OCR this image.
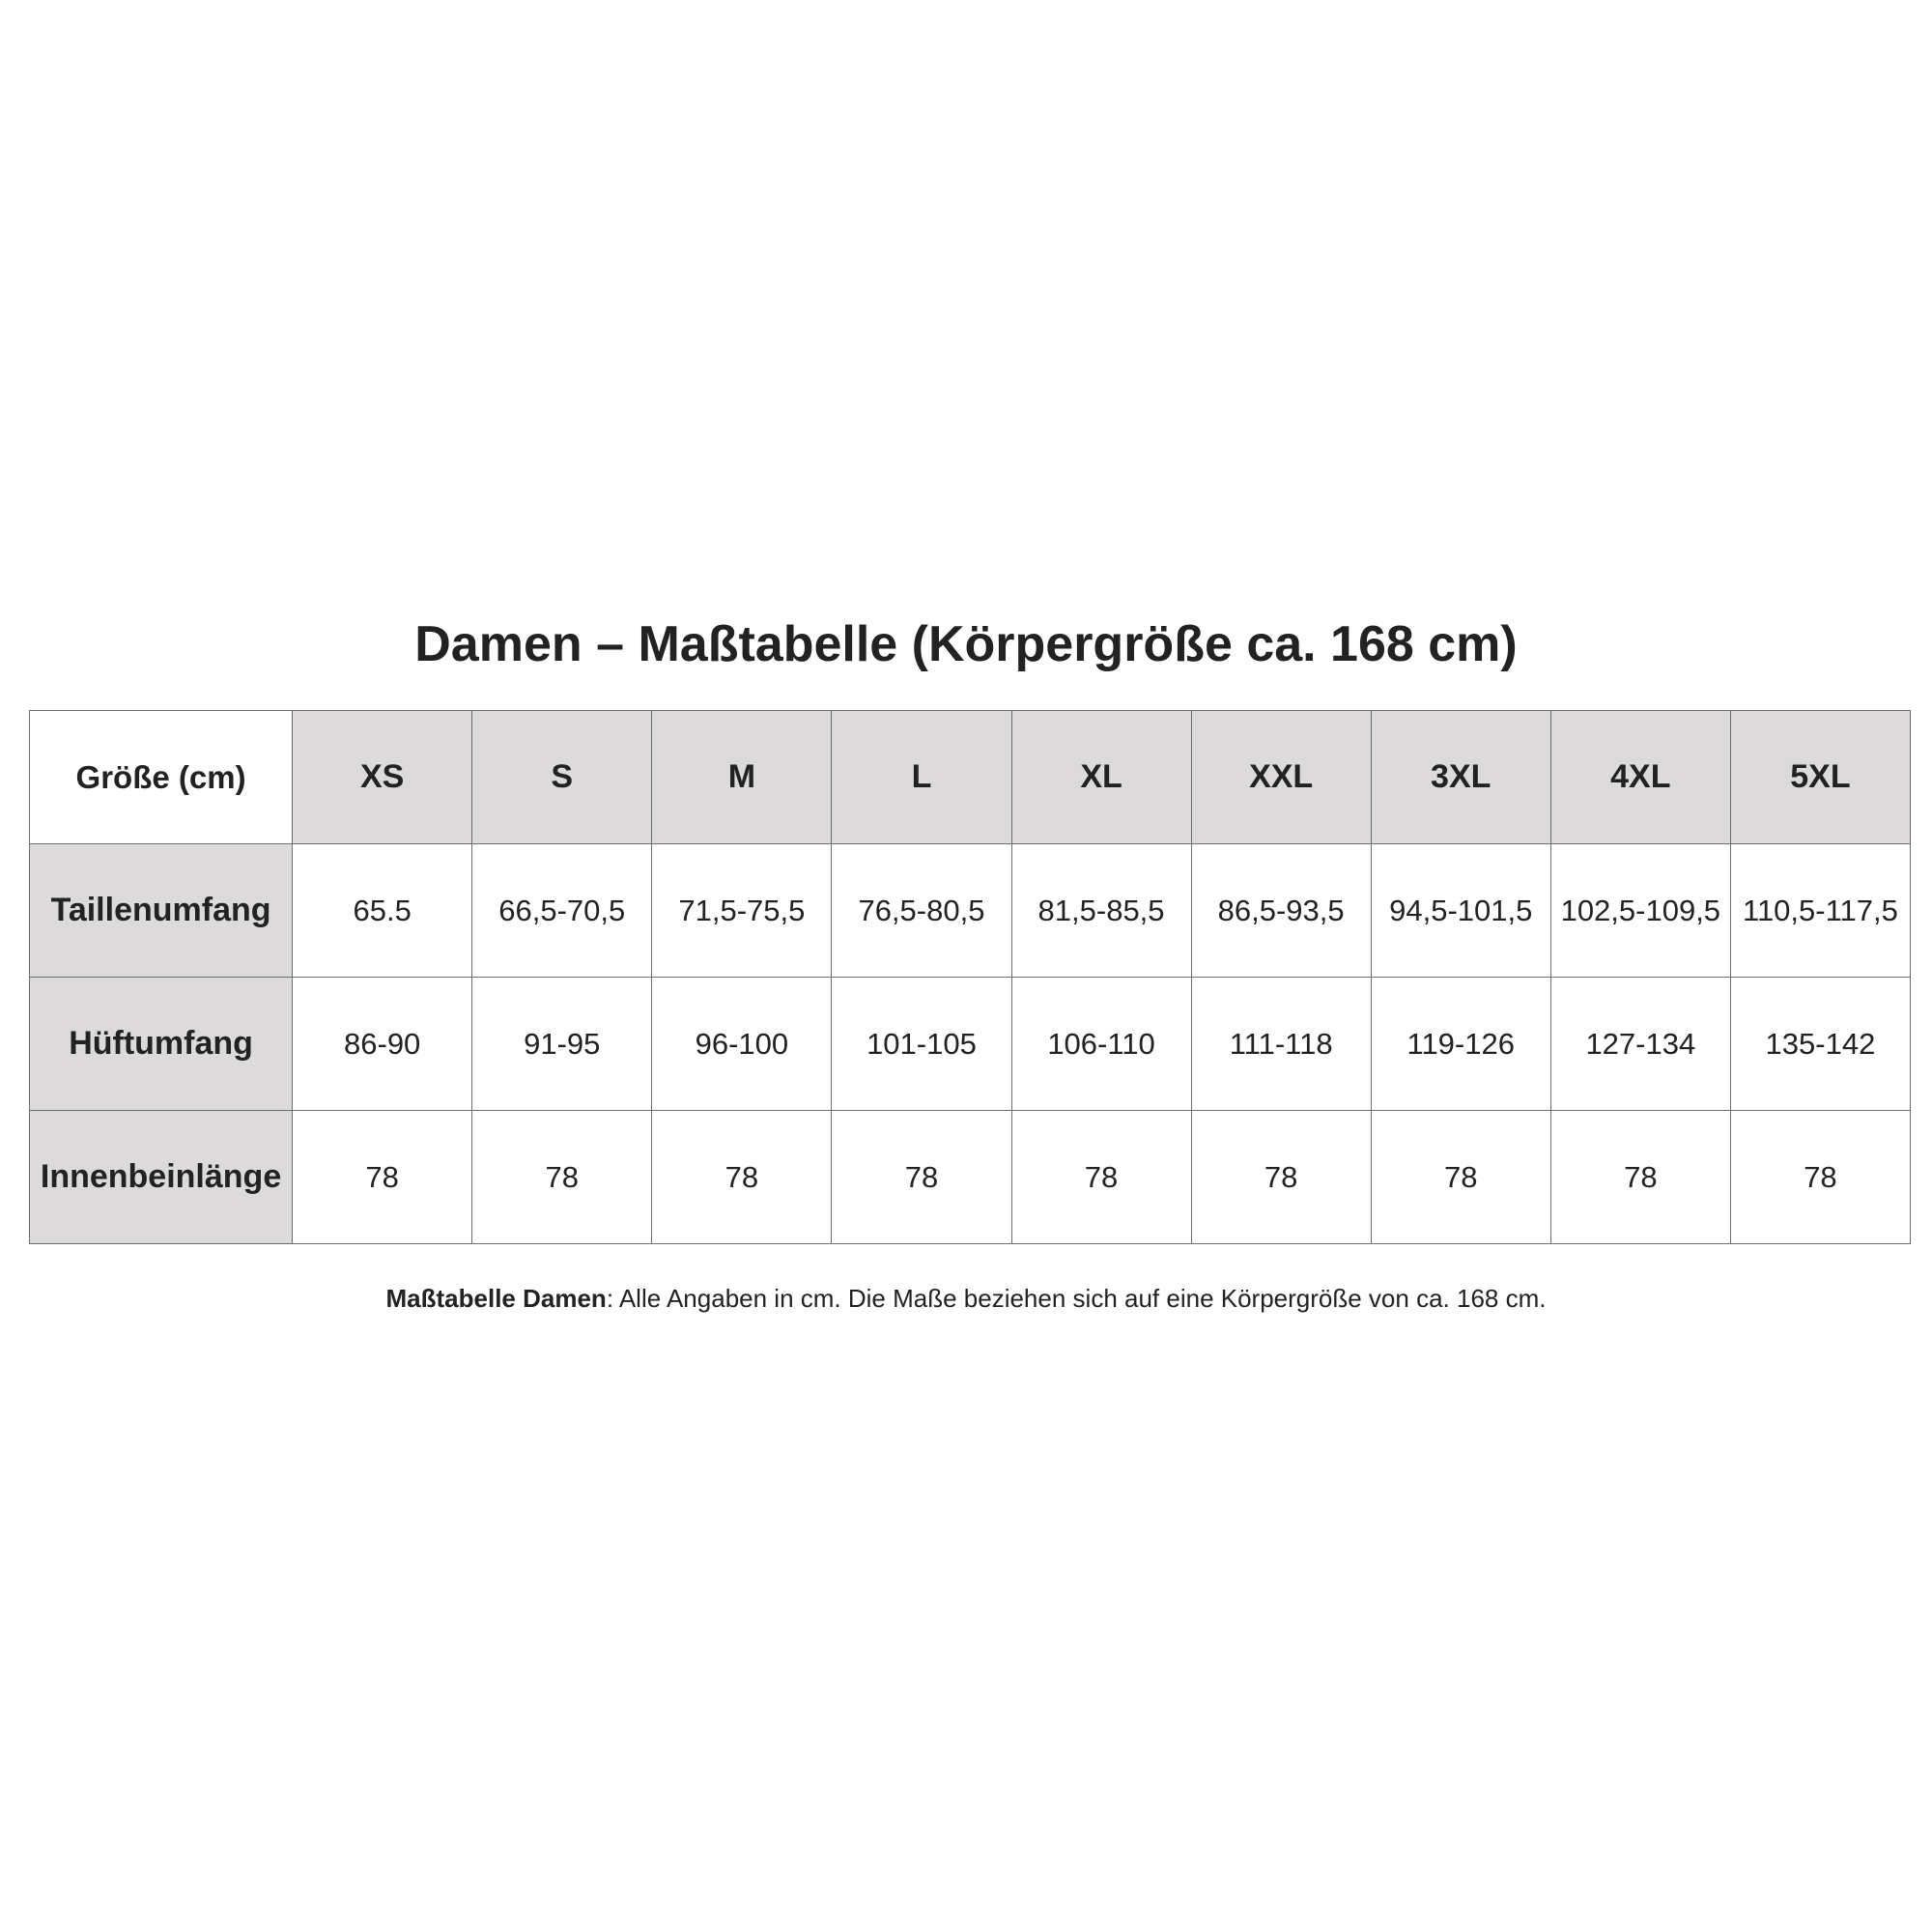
Damen – Maßtabelle (Körpergröße ca. 168 cm)
Größe (cm)	XS	S	M	L	XL	XXL	3XL	4XL	5XL
Taillenumfang	65.5	66,5-70,5	71,5-75,5	76,5-80,5	81,5-85,5	86,5-93,5	94,5-101,5	102,5-109,5	110,5-117,5
Hüftumfang	86-90	91-95	96-100	101-105	106-110	111-118	119-126	127-134	135-142
Innenbeinlänge	78	78	78	78	78	78	78	78	78
Maßtabelle Damen: Alle Angaben in cm. Die Maße beziehen sich auf eine Körpergröße von ca. 168 cm.
